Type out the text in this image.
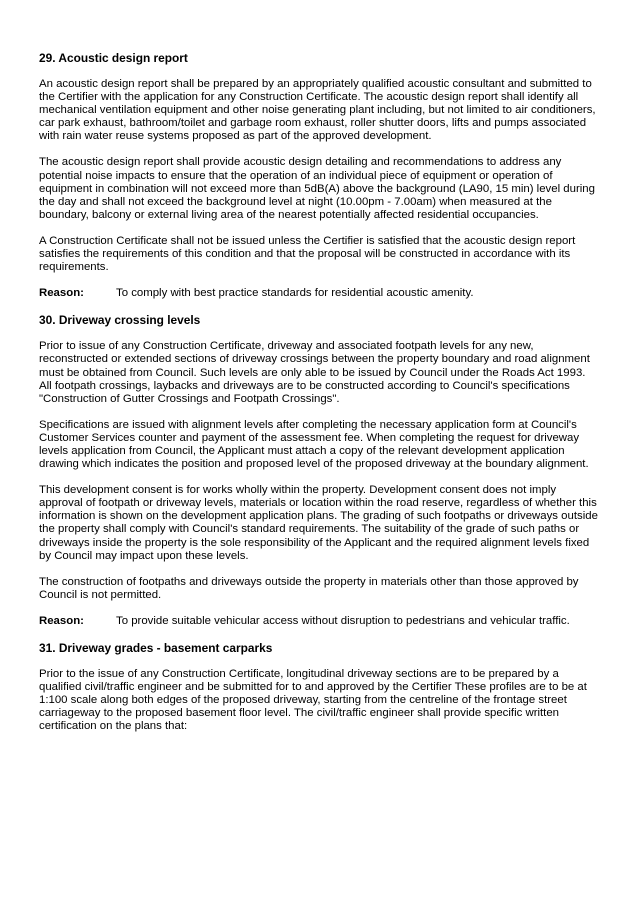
29. Acoustic design report

An acoustic design report shall be prepared by an appropriately qualified acoustic consultant and submitted to the Certifier with the application for any Construction Certificate. The acoustic design report shall identify all mechanical ventilation equipment and other noise generating plant including, but not limited to air conditioners, car park exhaust, bathroom/toilet and garbage room exhaust, roller shutter doors, lifts and pumps associated with rain water reuse systems proposed as part of the approved development.

The acoustic design report shall provide acoustic design detailing and recommendations to address any potential noise impacts to ensure that the operation of an individual piece of equipment or operation of equipment in combination will not exceed more than 5dB(A) above the background (LA90, 15 min) level during the day and shall not exceed the background level at night (10.00pm - 7.00am) when measured at the boundary, balcony or external living area of the nearest potentially affected residential occupancies.

A Construction Certificate shall not be issued unless the Certifier is satisfied that the acoustic design report satisfies the requirements of this condition and that the proposal will be constructed in accordance with its requirements.

Reason:	To comply with best practice standards for residential acoustic amenity.
30. Driveway crossing levels

Prior to issue of any Construction Certificate, driveway and associated footpath levels for any new, reconstructed or extended sections of driveway crossings between the property boundary and road alignment must be obtained from Council. Such levels are only able to be issued by Council under the Roads Act 1993. All footpath crossings, laybacks and driveways are to be constructed according to Council's specifications "Construction of Gutter Crossings and Footpath Crossings".

Specifications are issued with alignment levels after completing the necessary application form at Council's Customer Services counter and payment of the assessment fee. When completing the request for driveway levels application from Council, the Applicant must attach a copy of the relevant development application drawing which indicates the position and proposed level of the proposed driveway at the boundary alignment.

This development consent is for works wholly within the property. Development consent does not imply approval of footpath or driveway levels, materials or location within the road reserve, regardless of whether this information is shown on the development application plans. The grading of such footpaths or driveways outside the property shall comply with Council's standard requirements. The suitability of the grade of such paths or driveways inside the property is the sole responsibility of the Applicant and the required alignment levels fixed by Council may impact upon these levels.

The construction of footpaths and driveways outside the property in materials other than those approved by Council is not permitted.

Reason:	To provide suitable vehicular access without disruption to pedestrians and vehicular traffic.
31. Driveway grades - basement carparks

Prior to the issue of any Construction Certificate, longitudinal driveway sections are to be prepared by a qualified civil/traffic engineer and be submitted for to and approved by the Certifier These profiles are to be at 1:100 scale along both edges of the proposed driveway, starting from the centreline of the frontage street carriageway to the proposed basement floor level. The civil/traffic engineer shall provide specific written certification on the plans that:
